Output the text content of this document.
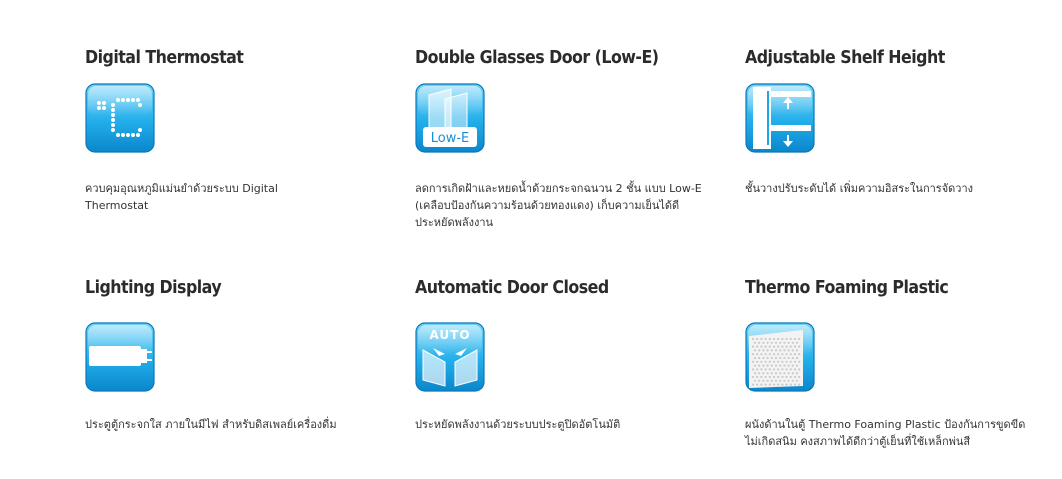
Digital Thermostat
ควบคุมอุณหภูมิแม่นยำด้วยระบบ Digital
Thermostat
Double Glasses Door (Low-E)
Low-E
ลดการเกิดฝ้าและหยดน้ำด้วยกระจกฉนวน 2 ชั้น แบบ Low-E
(เคลือบป้องกันความร้อนด้วยทองแดง) เก็บความเย็นได้ดี
ประหยัดพลังงาน
Adjustable Shelf Height
ชั้นวางปรับระดับได้ เพิ่มความอิสระในการจัดวาง
Lighting Display
ประตูตู้กระจกใส ภายในมีไฟ สำหรับดิสเพลย์เครื่องดื่ม
Automatic Door Closed
AUTO
ประหยัดพลังงานด้วยระบบประตูปิดอัตโนมัติ
Thermo Foaming Plastic
ผนังด้านในตู้ Thermo Foaming Plastic ป้องกันการขูดขีด
ไม่เกิดสนิม คงสภาพได้ดีกว่าตู้เย็นที่ใช้เหล็กพ่นสี
